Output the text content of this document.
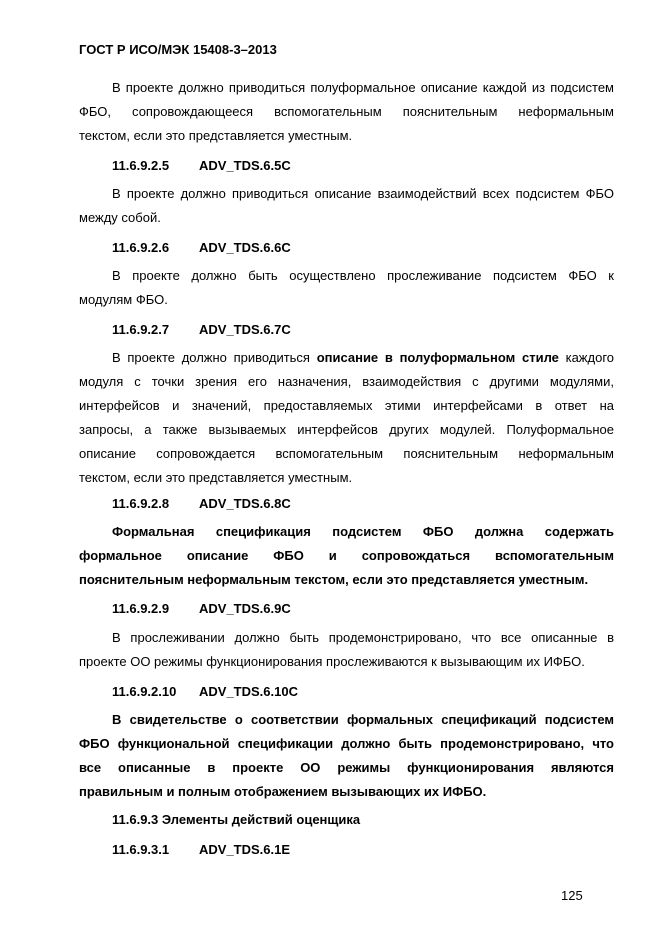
ГОСТ Р ИСО/МЭК 15408-3–2013
В проекте должно приводиться полуформальное описание каждой из подсистем
ФБО, сопровождающееся вспомогательным пояснительным неформальным
текстом, если это представляется уместным.
11.6.9.2.5 ADV_TDS.6.5C
В проекте должно приводиться описание взаимодействий всех подсистем ФБО
между собой.
11.6.9.2.6 ADV_TDS.6.6C
В проекте должно быть осуществлено прослеживание подсистем ФБО к
модулям ФБО.
11.6.9.2.7 ADV_TDS.6.7C
В проекте должно приводиться описание в полуформальном стиле каждого
модуля с точки зрения его назначения, взаимодействия с другими модулями,
интерфейсов и значений, предоставляемых этими интерфейсами в ответ на
запросы, а также вызываемых интерфейсов других модулей. Полуформальное
описание сопровождается вспомогательным пояснительным неформальным
текстом, если это представляется уместным.
11.6.9.2.8 ADV_TDS.6.8C
Формальная спецификация подсистем ФБО должна содержать
формальное описание ФБО и сопровождаться вспомогательным
пояснительным неформальным текстом, если это представляется уместным.
11.6.9.2.9 ADV_TDS.6.9C
В прослеживании должно быть продемонстрировано, что все описанные в
проекте ОО режимы функционирования прослеживаются к вызывающим их ИФБО.
11.6.9.2.10 ADV_TDS.6.10C
В свидетельстве о соответствии формальных спецификаций подсистем
ФБО функциональной спецификации должно быть продемонстрировано, что
все описанные в проекте ОО режимы функционирования являются
правильным и полным отображением вызывающих их ИФБО.
11.6.9.3 Элементы действий оценщика
11.6.9.3.1 ADV_TDS.6.1E
125
